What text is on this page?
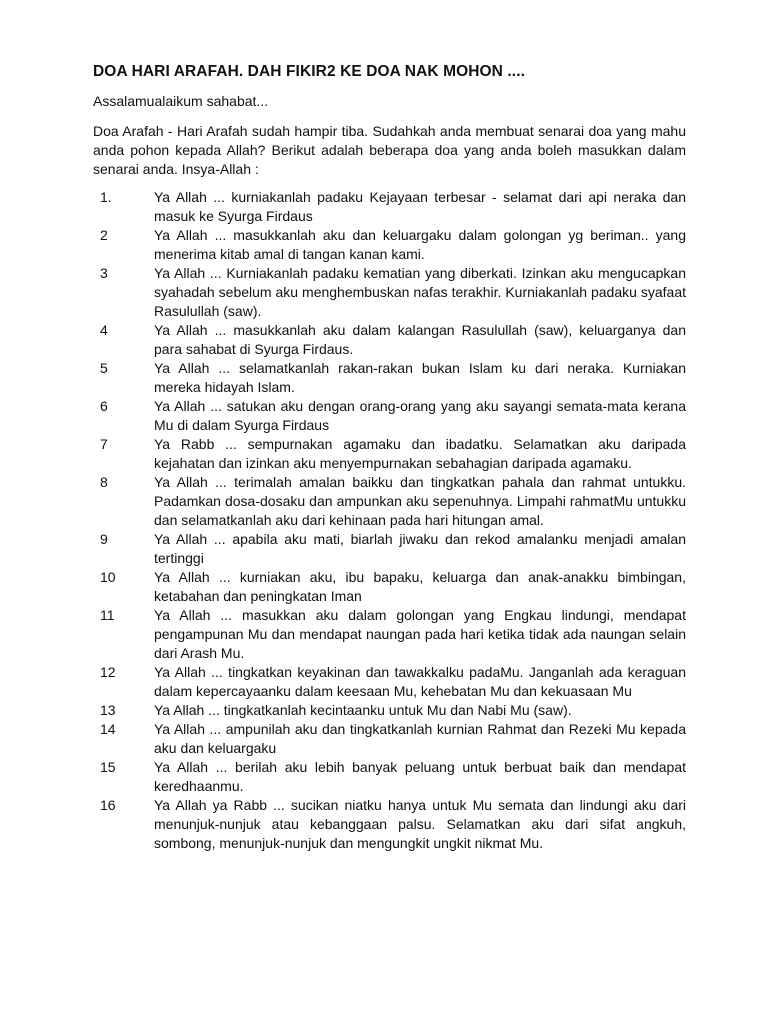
DOA HARI ARAFAH. DAH FIKIR2 KE DOA NAK MOHON ....
Assalamualaikum sahabat...
Doa Arafah - Hari Arafah sudah hampir tiba. Sudahkah anda membuat senarai doa yang mahu anda pohon kepada Allah? Berikut adalah beberapa doa yang anda boleh masukkan dalam senarai anda. Insya-Allah :
1.	Ya Allah ... kurniakanlah padaku Kejayaan terbesar - selamat dari api neraka dan masuk ke Syurga Firdaus
2	Ya Allah ... masukkanlah aku dan keluargaku dalam golongan yg beriman.. yang menerima kitab amal di tangan kanan kami.
3	Ya Allah ... Kurniakanlah padaku kematian yang diberkati. Izinkan aku mengucapkan syahadah sebelum aku menghembuskan nafas terakhir. Kurniakanlah padaku syafaat Rasulullah (saw).
4	Ya Allah ... masukkanlah aku dalam kalangan Rasulullah (saw), keluarganya dan para sahabat di Syurga Firdaus.
5	Ya Allah ... selamatkanlah rakan-rakan bukan Islam ku dari neraka. Kurniakan mereka hidayah Islam.
6	Ya Allah ... satukan aku dengan orang-orang yang aku sayangi semata-mata kerana Mu di dalam Syurga Firdaus
7	Ya Rabb ... sempurnakan agamaku dan ibadatku. Selamatkan aku daripada kejahatan dan izinkan aku menyempurnakan sebahagian daripada agamaku.
8	Ya Allah ... terimalah amalan baikku dan tingkatkan pahala dan rahmat untukku. Padamkan dosa-dosaku dan ampunkan aku sepenuhnya. Limpahi rahmatMu untukku dan selamatkanlah aku dari kehinaan pada hari hitungan amal.
9	Ya Allah ... apabila aku mati, biarlah jiwaku dan rekod amalanku menjadi amalan tertinggi
10	Ya Allah ... kurniakan aku, ibu bapaku, keluarga dan anak-anakku bimbingan, ketabahan dan peningkatan Iman
11	Ya Allah ... masukkan aku dalam golongan yang Engkau lindungi, mendapat pengampunan Mu dan mendapat naungan pada hari ketika tidak ada naungan selain dari Arash Mu.
12	Ya Allah ... tingkatkan keyakinan dan tawakkalku padaMu. Janganlah ada keraguan dalam kepercayaanku dalam keesaan Mu, kehebatan Mu dan kekuasaan Mu
13	Ya Allah ... tingkatkanlah kecintaanku untuk Mu dan Nabi Mu (saw).
14	Ya Allah ... ampunilah aku dan tingkatkanlah kurnian Rahmat dan Rezeki Mu kepada aku dan keluargaku
15	Ya Allah ... berilah aku lebih banyak peluang untuk berbuat baik dan mendapat keredhaanmu.
16	Ya Allah ya Rabb ... sucikan niatku hanya untuk Mu semata dan lindungi aku dari menunjuk-nunjuk atau kebanggaan palsu. Selamatkan aku dari sifat angkuh, sombong, menunjuk-nunjuk dan mengungkit ungkit nikmat Mu.
